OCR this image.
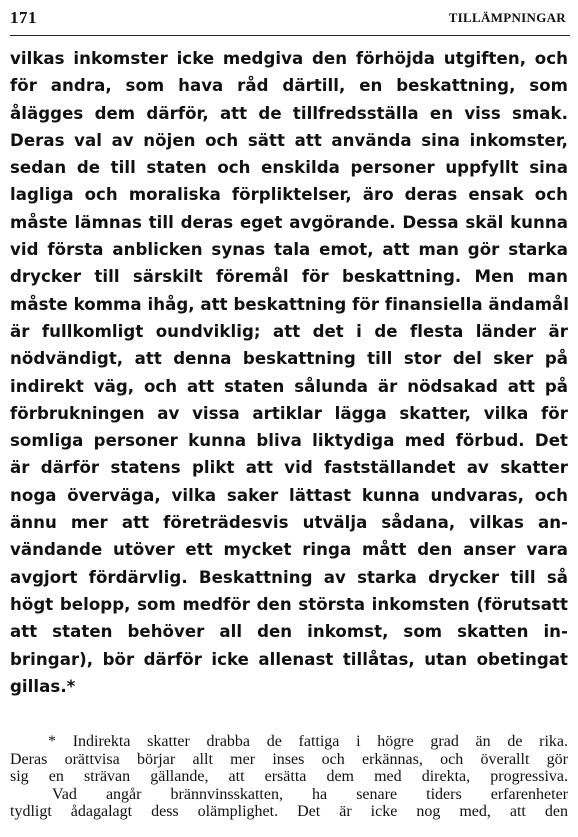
171	TILLÄMPNINGAR
vilkas inkomster icke medgiva den förhöjda utgiften, och
för andra, som hava råd därtill, en beskattning, som
ålägges dem därför, att de tillfredsställa en viss smak.
Deras val av nöjen och sätt att använda sina inkomster,
sedan de till staten och enskilda personer uppfyllt sina
lagliga och moraliska förpliktelser, äro deras ensak och
måste lämnas till deras eget avgörande. Dessa skäl kunna
vid första anblicken synas tala emot, att man gör starka
drycker till särskilt föremål för beskattning. Men man
måste komma ihåg, att beskattning för finansiella ändamål
är fullkomligt oundviklig; att det i de flesta länder är
nödvändigt, att denna beskattning till stor del sker på
indirekt väg, och att staten sålunda är nödsakad att på
förbrukningen av vissa artiklar lägga skatter, vilka för
somliga personer kunna bliva liktydiga med förbud. Det
är därför statens plikt att vid fastställandet av skatter
noga överväga, vilka saker lättast kunna undvaras, och
ännu mer att företrädesvis utvälja sådana, vilkas an-
vändande utöver ett mycket ringa mått den anser vara
avgjort fördärvlig. Beskattning av starka drycker till så
högt belopp, som medför den största inkomsten (förutsatt
att staten behöver all den inkomst, som skatten in-
bringar), bör därför icke allenast tillåtas, utan obetingat
gillas.*
* Indirekta skatter drabba de fattiga i högre grad än de rika.
Deras orättvisa börjar allt mer inses och erkännas, och överallt gör
sig en strävan gällande, att ersätta dem med direkta, progressiva.
Vad angår brännvinsskatten, ha senare tiders erfarenheter
tydligt ådagalagt dess olämplighet. Det är icke nog med, att den
